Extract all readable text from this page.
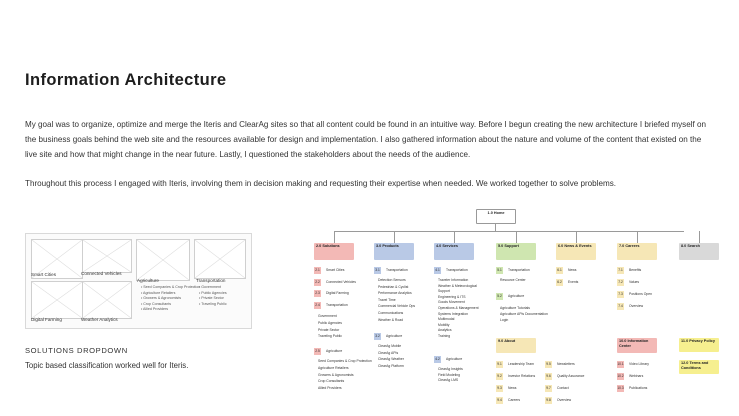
Information Architecture
My goal was to organize, optimize and merge the Iteris and ClearAg sites so that all content could be found in an intuitive way. Before I begun creating the new architecture I briefed myself on the business goals behind the web site and the resources available for design and implementation. I also gathered information about the nature and volume of the content that existed on the live site and how that might change in the near future. Lastly, I questioned the stakeholders about the needs of the audience.
Throughout this process I engaged with Iteris, involving them in decision making and requesting their expertise when needed. We worked together to solve problems.
Smart Cities	Connected Vehicles
Agriculture
• Seed Companies & Crop Protection
• Agriculture Retailers
• Growers & Agronomists
• Crop Consultants
• Allied Providers
Transportation
• Government
• Public Agencies
• Private Sector
• Traveling Public
Digital Farming	Weather Analytics
SOLUTIONS DROPDOWN
Topic based classification worked well for Iteris.
1.0 Home
2.0 Solutions	3.0 Products	4.0 Services	5.0 Support	6.0 News & Events	7.0 Careers	8.0 Search
2.1	Smart Cities
2.2	Connected Vehicles
2.3	Digital Farming
2.4	Transportation
Government
Public Agencies
Private Sector
Traveling Public
2.5	Agriculture
Seed Companies & Crop Protection
Agriculture Retailers
Growers & Agronomists
Crop Consultants
Allied Providers
3.1	Transportation
Detection Sensors
Pedestrian & Cyclist
Performance Analytics
Travel Time
Commercial Vehicle Ops
Communications
Weather & Road
3.2	Agriculture
ClearAg Mobile
ClearAg APIs
ClearAg Weather
ClearAg Platform
4.1	Transportation
Traveler Information
Weather & Meteorological
Support
Engineering & ITS
Goods Movement
Operations & Management
Systems Integration
Multimodal
Mobility
Analytics
Training
4.2	Agriculture
ClearAg Insights
Field Modeling
ClearAg LMS
5.1	Transportation
Resource Center
5.2	Agriculture
Agriculture Tutorials
Agriculture APIs Documentation
Login
6.1	News
6.2	Events
7.1	Benefits
7.2	Values
7.3	Positions Open
7.4	Overview
9.0 About
9.1	Leadership Team
9.2	Investor Relations
9.3	News
9.4	Careers
9.5	Newsletters
9.6	Quality Assurance
9.7	Contact
9.8	Overview
10.0 Information Center
10.1 Video Library
10.2 Webinars
10.3 Publications
11.0 Privacy Policy
12.0 Terms and Conditions
